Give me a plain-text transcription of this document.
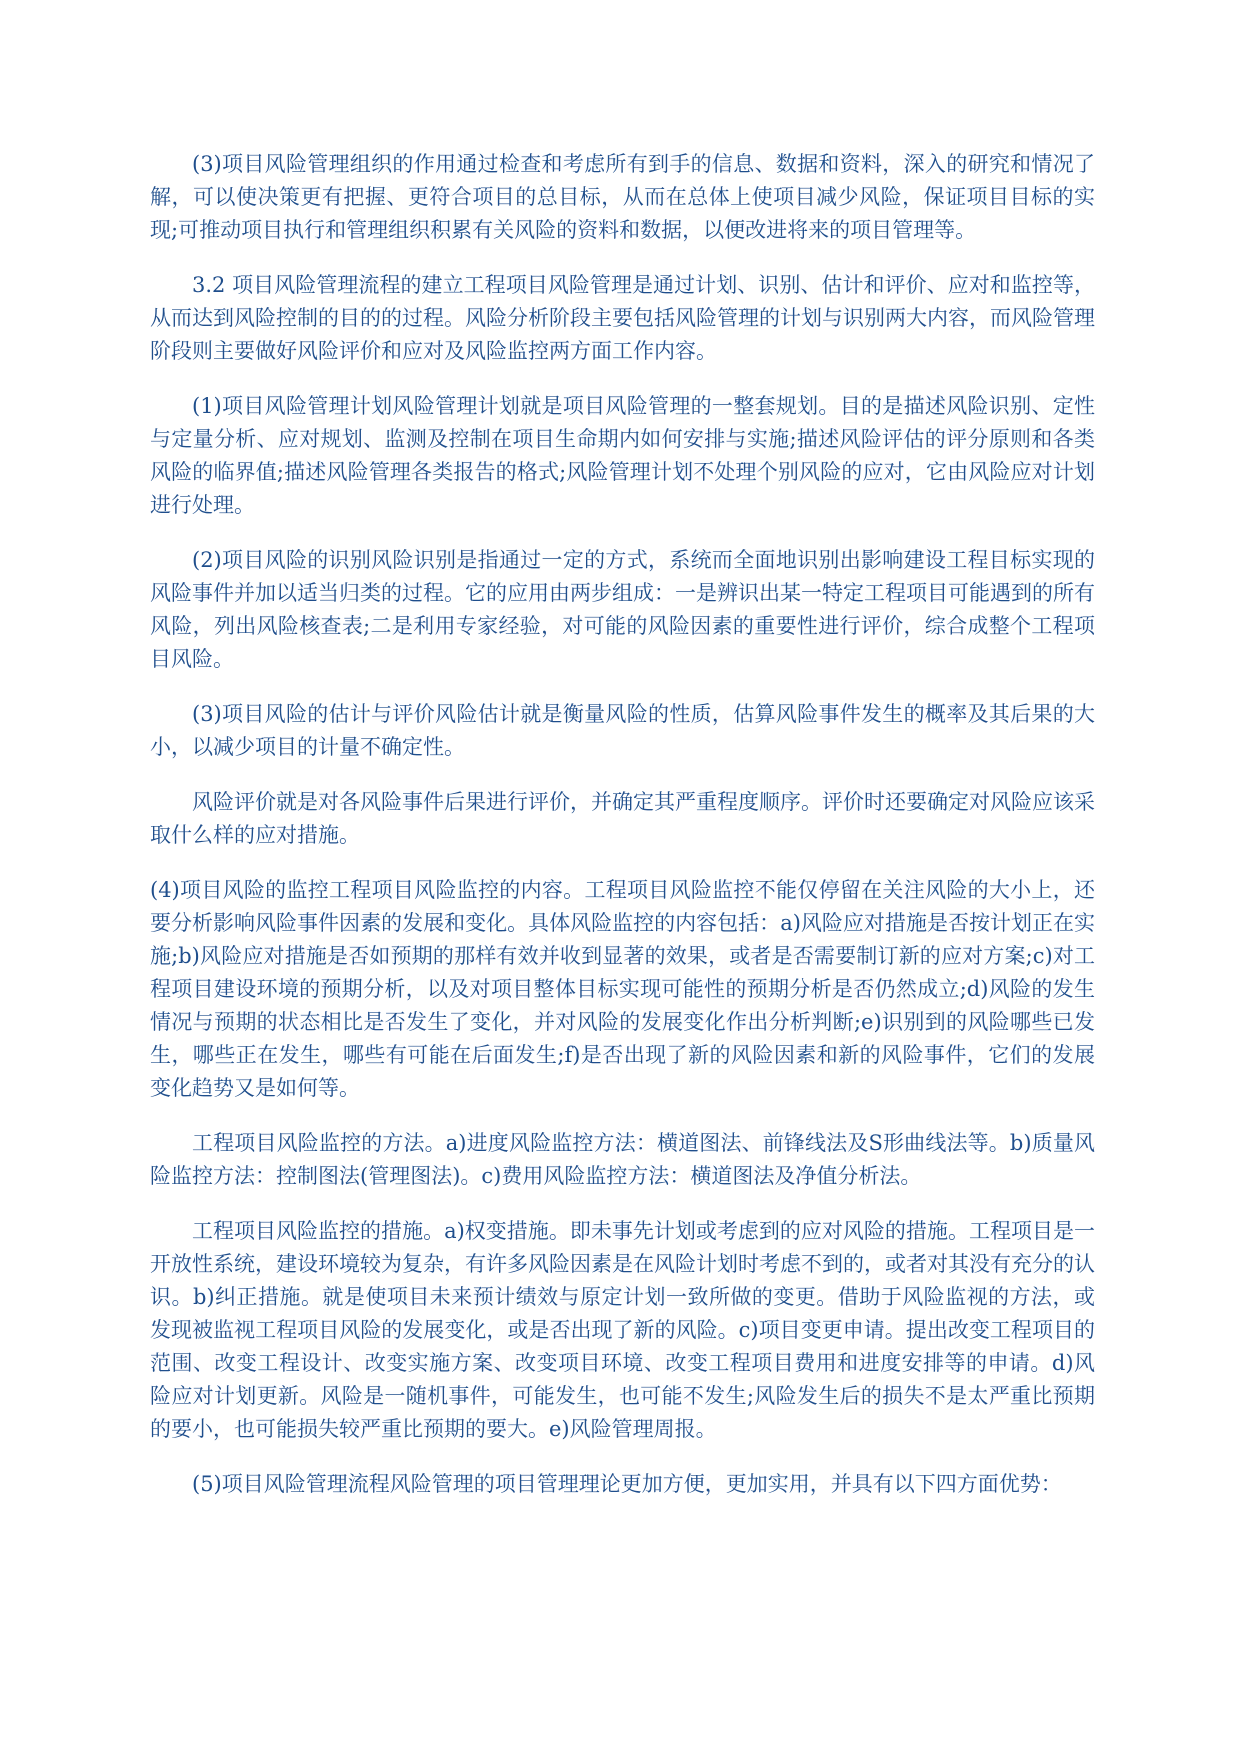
(3)项目风险管理组织的作用通过检查和考虑所有到手的信息、数据和资料，深入的研究和情况了解，可以使决策更有把握、更符合项目的总目标，从而在总体上使项目减少风险，保证项目目标的实现;可推动项目执行和管理组织积累有关风险的资料和数据，以便改进将来的项目管理等。

3.2 项目风险管理流程的建立工程项目风险管理是通过计划、识别、估计和评价、应对和监控等，从而达到风险控制的目的的过程。风险分析阶段主要包括风险管理的计划与识别两大内容，而风险管理阶段则主要做好风险评价和应对及风险监控两方面工作内容。

(1)项目风险管理计划风险管理计划就是项目风险管理的一整套规划。目的是描述风险识别、定性与定量分析、应对规划、监测及控制在项目生命期内如何安排与实施;描述风险评估的评分原则和各类风险的临界值;描述风险管理各类报告的格式;风险管理计划不处理个别风险的应对，它由风险应对计划进行处理。

(2)项目风险的识别风险识别是指通过一定的方式，系统而全面地识别出影响建设工程目标实现的风险事件并加以适当归类的过程。它的应用由两步组成：一是辨识出某一特定工程项目可能遇到的所有风险，列出风险核查表;二是利用专家经验，对可能的风险因素的重要性进行评价，综合成整个工程项目风险。

(3)项目风险的估计与评价风险估计就是衡量风险的性质，估算风险事件发生的概率及其后果的大小，以减少项目的计量不确定性。

风险评价就是对各风险事件后果进行评价，并确定其严重程度顺序。评价时还要确定对风险应该采取什么样的应对措施。

(4)项目风险的监控工程项目风险监控的内容。工程项目风险监控不能仅停留在关注风险的大小上，还要分析影响风险事件因素的发展和变化。具体风险监控的内容包括：a)风险应对措施是否按计划正在实施;b)风险应对措施是否如预期的那样有效并收到显著的效果，或者是否需要制订新的应对方案;c)对工程项目建设环境的预期分析，以及对项目整体目标实现可能性的预期分析是否仍然成立;d)风险的发生情况与预期的状态相比是否发生了变化，并对风险的发展变化作出分析判断;e)识别到的风险哪些已发生，哪些正在发生，哪些有可能在后面发生;f)是否出现了新的风险因素和新的风险事件，它们的发展变化趋势又是如何等。

工程项目风险监控的方法。a)进度风险监控方法：横道图法、前锋线法及S形曲线法等。b)质量风险监控方法：控制图法(管理图法)。c)费用风险监控方法：横道图法及净值分析法。

工程项目风险监控的措施。a)权变措施。即未事先计划或考虑到的应对风险的措施。工程项目是一开放性系统，建设环境较为复杂，有许多风险因素是在风险计划时考虑不到的，或者对其没有充分的认识。b)纠正措施。就是使项目未来预计绩效与原定计划一致所做的变更。借助于风险监视的方法，或发现被监视工程项目风险的发展变化，或是否出现了新的风险。c)项目变更申请。提出改变工程项目的范围、改变工程设计、改变实施方案、改变项目环境、改变工程项目费用和进度安排等的申请。d)风险应对计划更新。风险是一随机事件，可能发生，也可能不发生;风险发生后的损失不是太严重比预期的要小，也可能损失较严重比预期的要大。e)风险管理周报。

(5)项目风险管理流程风险管理的项目管理理论更加方便，更加实用，并具有以下四方面优势：
